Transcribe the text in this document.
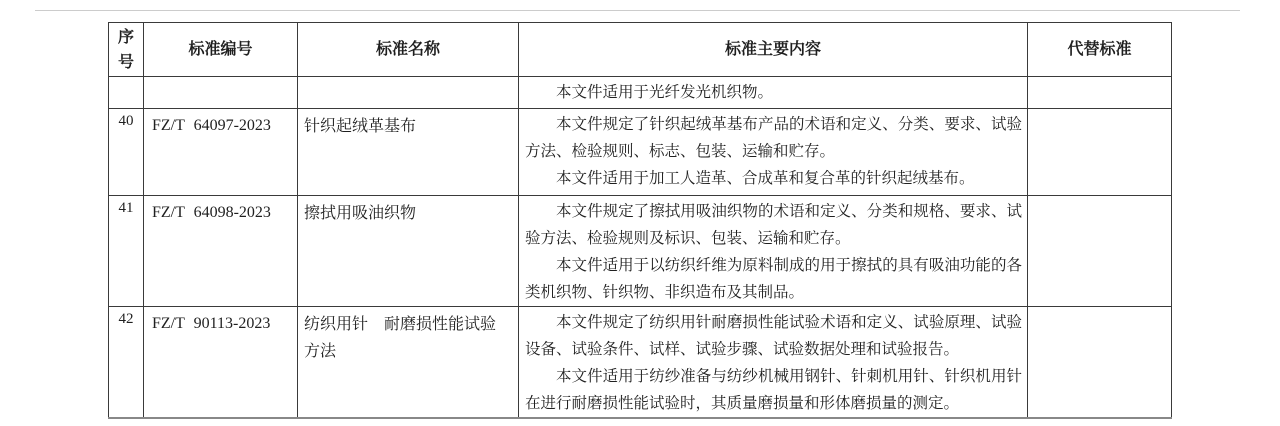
序号	标准编号	标准名称	标准主要内容	代替标准

			本文件适用于光纤发光机织物。	

40	FZ/T 64097-2023	针织起绒革基布	本文件规定了针织起绒革基布产品的术语和定义、分类、要求、试验方法、检验规则、标志、包装、运输和贮存。

本文件适用于加工人造革、合成革和复合革的针织起绒基布。	

41	FZ/T 64098-2023	擦拭用吸油织物	本文件规定了擦拭用吸油织物的术语和定义、分类和规格、要求、试验方法、检验规则及标识、包装、运输和贮存。

本文件适用于以纺织纤维为原料制成的用于擦拭的具有吸油功能的各类机织物、针织物、非织造布及其制品。	

42	FZ/T 90113-2023	纺织用针　耐磨损性能试验方法	本文件规定了纺织用针耐磨损性能试验术语和定义、试验原理、试验设备、试验条件、试样、试验步骤、试验数据处理和试验报告。

本文件适用于纺纱准备与纺纱机械用钢针、针刺机用针、针织机用针在进行耐磨损性能试验时，其质量磨损量和形体磨损量的测定。	
